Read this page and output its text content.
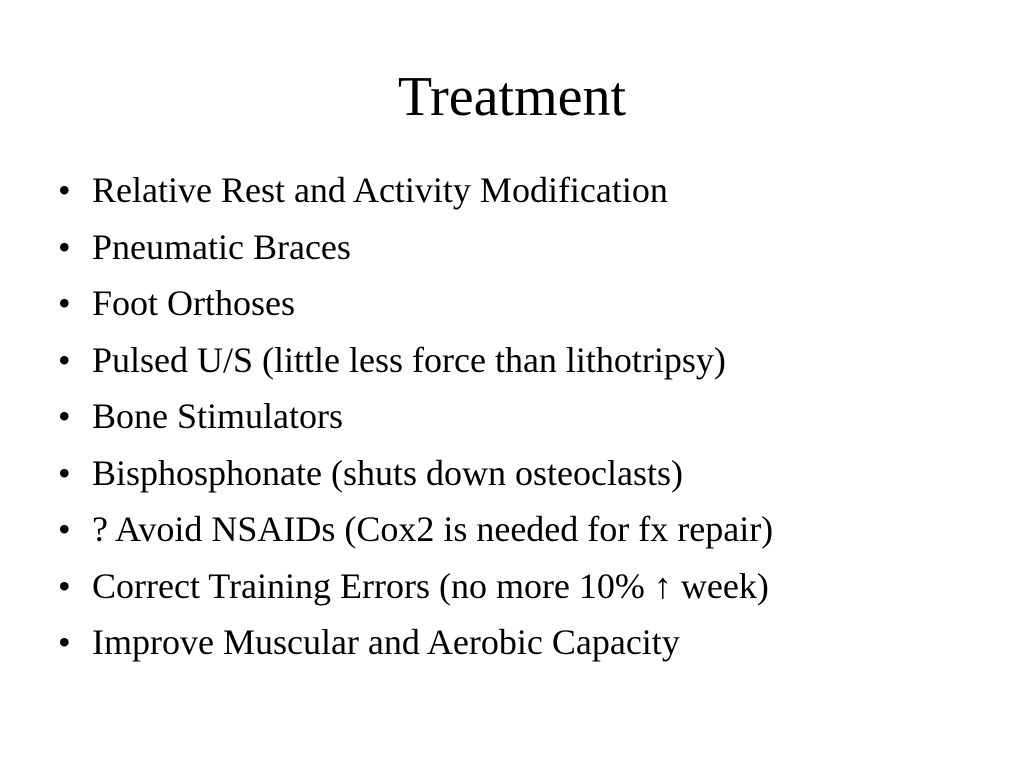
Treatment
• Relative Rest and Activity Modification
• Pneumatic Braces
• Foot Orthoses
• Pulsed U/S (little less force than lithotripsy)
• Bone Stimulators
• Bisphosphonate (shuts down osteoclasts)
• ? Avoid NSAIDs (Cox2 is needed for fx repair)
• Correct Training Errors (no more 10% ↑ week)
• Improve Muscular and Aerobic Capacity
